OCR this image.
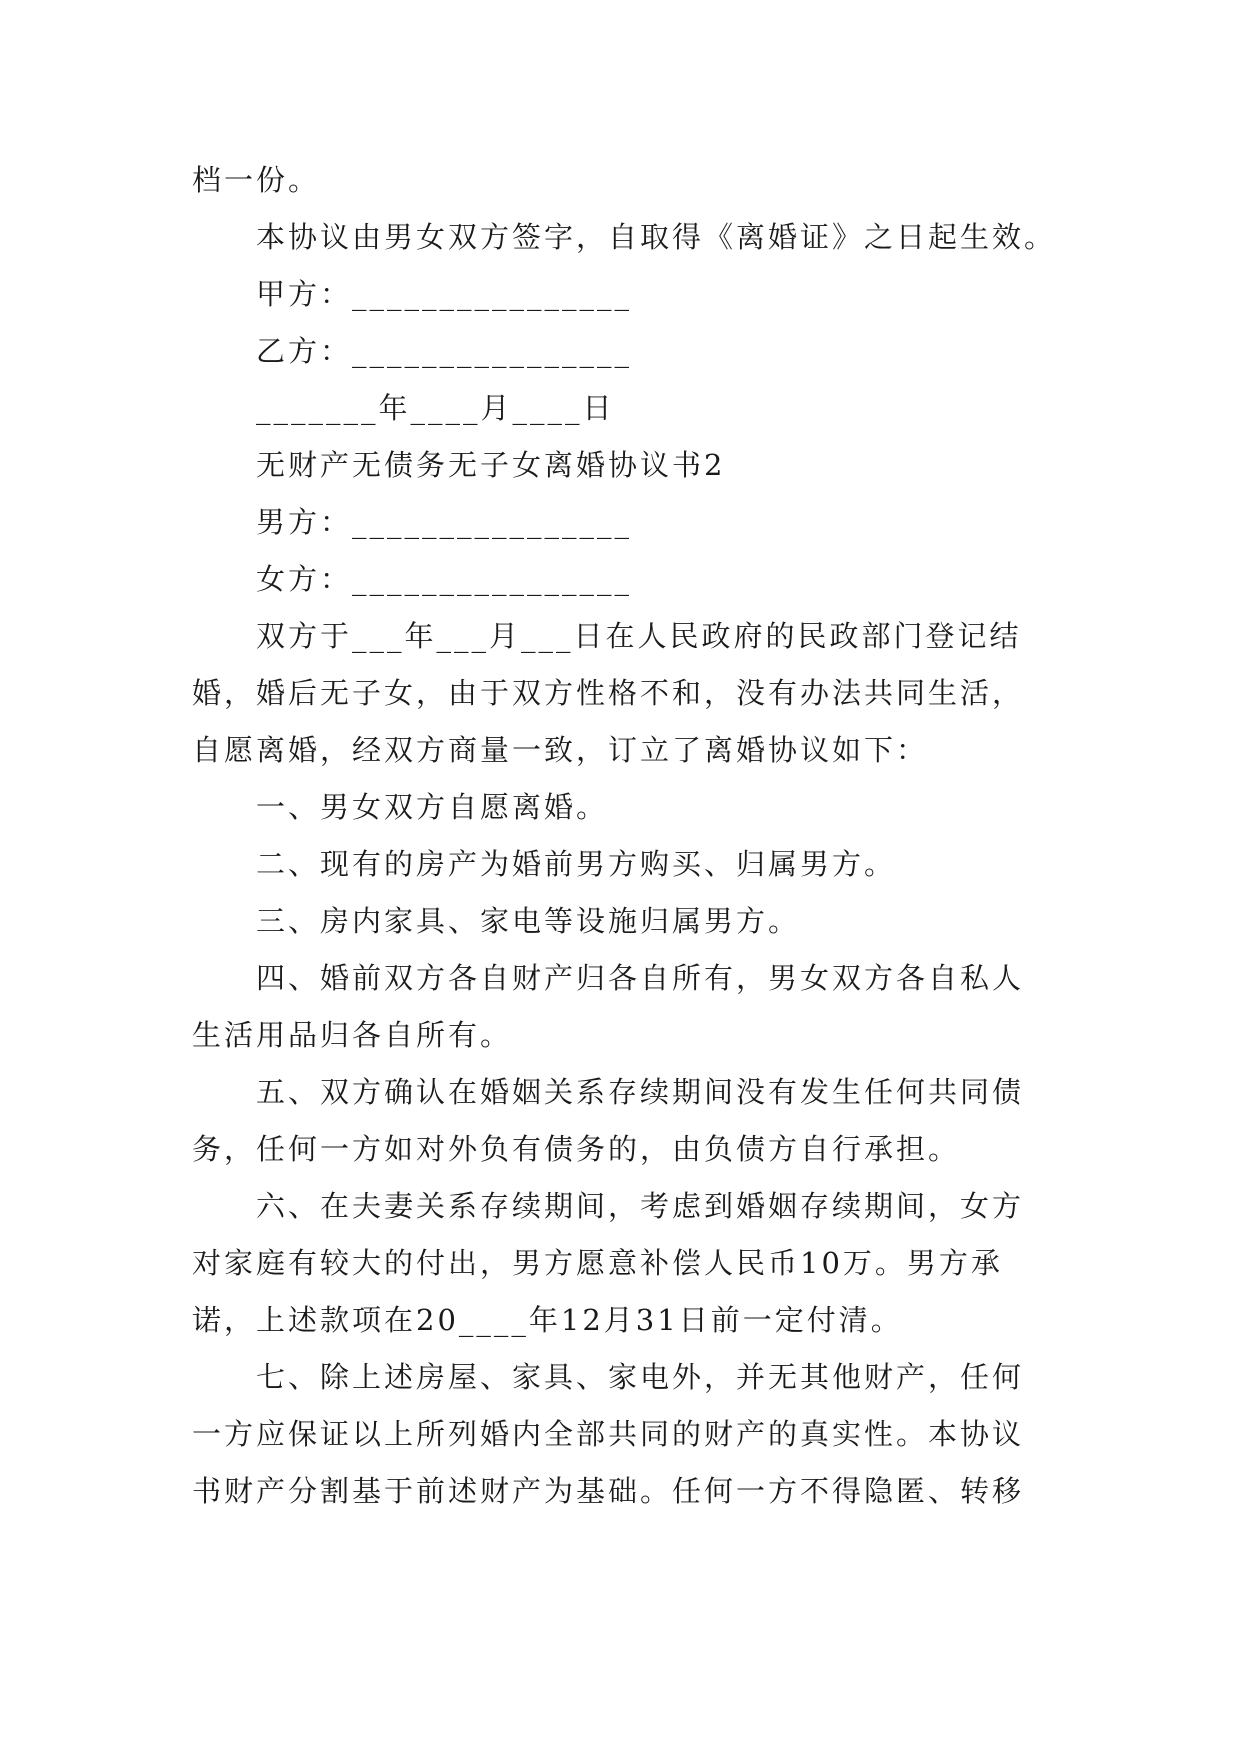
档一份。
本协议由男女双方签字，自取得《离婚证》之日起生效。
甲方：________________
乙方：________________
_______年____月____日
无财产无债务无子女离婚协议书2
男方：________________
女方：________________
双方于___年___月___日在人民政府的民政部门登记结
婚，婚后无子女，由于双方性格不和，没有办法共同生活，
自愿离婚，经双方商量一致，订立了离婚协议如下：
一、男女双方自愿离婚。
二、现有的房产为婚前男方购买、归属男方。
三、房内家具、家电等设施归属男方。
四、婚前双方各自财产归各自所有，男女双方各自私人
生活用品归各自所有。
五、双方确认在婚姻关系存续期间没有发生任何共同债
务，任何一方如对外负有债务的，由负债方自行承担。
六、在夫妻关系存续期间，考虑到婚姻存续期间，女方
对家庭有较大的付出，男方愿意补偿人民币10万。男方承
诺，上述款项在20____年12月31日前一定付清。
七、除上述房屋、家具、家电外，并无其他财产，任何
一方应保证以上所列婚内全部共同的财产的真实性。本协议
书财产分割基于前述财产为基础。任何一方不得隐匿、转移
